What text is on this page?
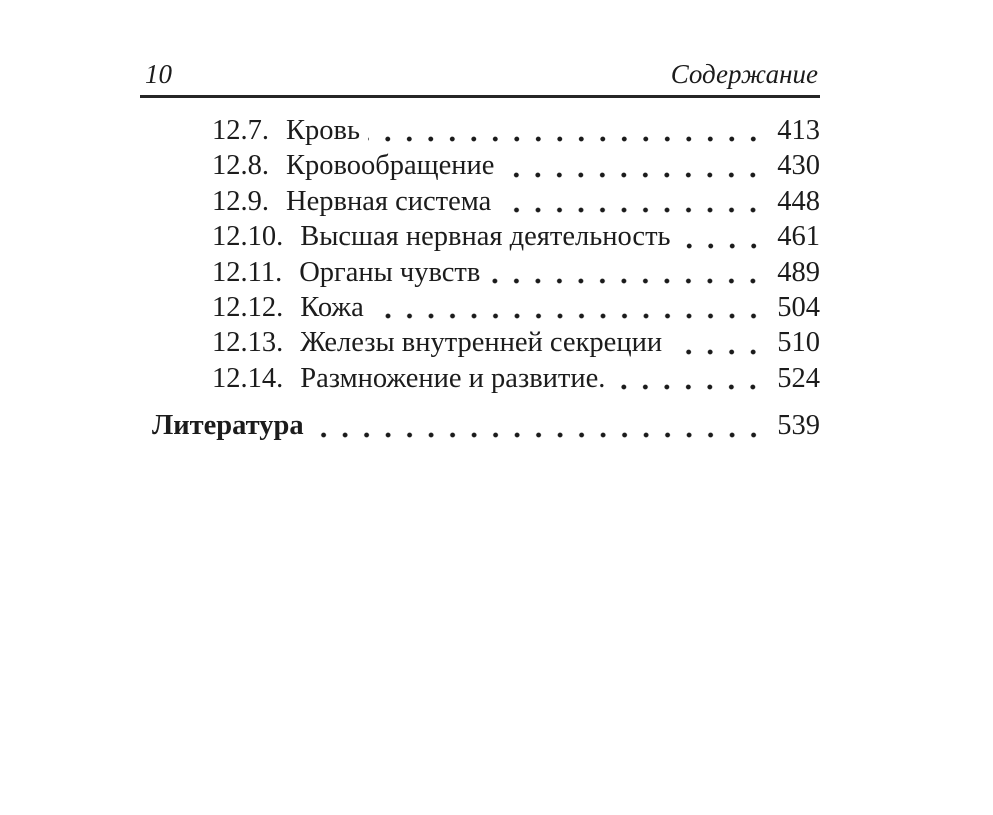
10	Содержание
12.7. Кровь	413
12.8. Кровообращение	430
12.9. Нервная система	448
12.10. Высшая нервная деятельность	461
12.11. Органы чувств	489
12.12. Кожа	504
12.13. Железы внутренней секреции	510
12.14. Размножение и развитие.	524
Литература	539
